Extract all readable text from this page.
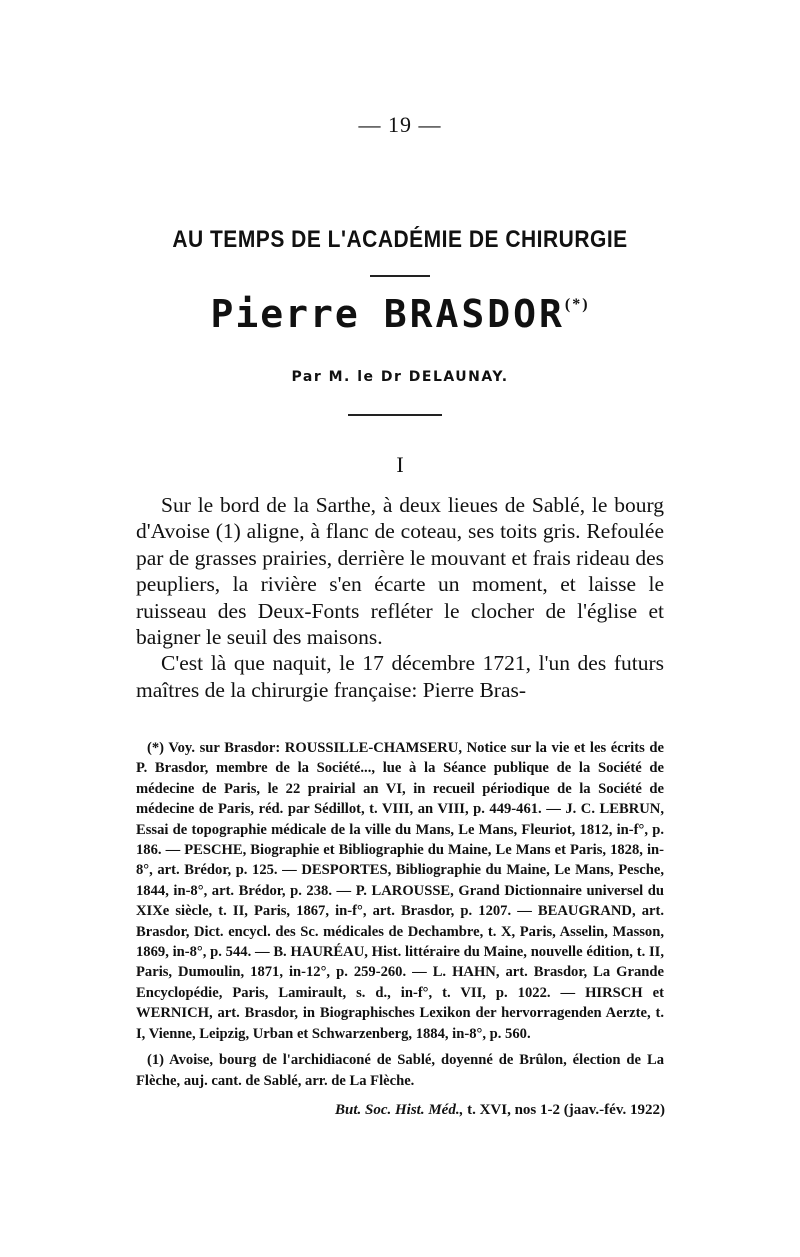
— 19 —
AU TEMPS DE L'ACADÉMIE DE CHIRURGIE
Pierre BRASDOR(*)
Par M. le Dr DELAUNAY.
I

Sur le bord de la Sarthe, à deux lieues de Sablé, le bourg d'Avoise (1) aligne, à flanc de coteau, ses toits gris. Refoulée par de grasses prairies, derrière le mouvant et frais rideau des peupliers, la rivière s'en écarte un moment, et laisse le ruisseau des Deux-Fonts refléter le clocher de l'église et baigner le seuil des maisons.

C'est là que naquit, le 17 décembre 1721, l'un des futurs maîtres de la chirurgie française: Pierre Bras-

(*) Voy. sur Brasdor: ROUSSILLE-CHAMSERU, Notice sur la vie et les écrits de P. Brasdor, membre de la Société..., lue à la Séance publique de la Société de médecine de Paris, le 22 prairial an VI, in recueil périodique de la Société de médecine de Paris, réd. par Sédillot, t. VIII, an VIII, p. 449-461. — J. C. LEBRUN, Essai de topographie médicale de la ville du Mans, Le Mans, Fleuriot, 1812, in-f°, p. 186. — PESCHE, Biographie et Bibliographie du Maine, Le Mans et Paris, 1828, in-8°, art. Brédor, p. 125. — DESPORTES, Bibliographie du Maine, Le Mans, Pesche, 1844, in-8°, art. Brédor, p. 238. — P. LAROUSSE, Grand Dictionnaire universel du XIXe siècle, t. II, Paris, 1867, in-f°, art. Brasdor, p. 1207. — BEAUGRAND, art. Brasdor, Dict. encycl. des Sc. médicales de Dechambre, t. X, Paris, Asselin, Masson, 1869, in-8°, p. 544. — B. HAURÉAU, Hist. littéraire du Maine, nouvelle édition, t. II, Paris, Dumoulin, 1871, in-12°, p. 259-260. — L. HAHN, art. Brasdor, La Grande Encyclopédie, Paris, Lamirault, s. d., in-f°, t. VII, p. 1022. — HIRSCH et WERNICH, art. Brasdor, in Biographisches Lexikon der hervorragenden Aerzte, t. I, Vienne, Leipzig, Urban et Schwarzenberg, 1884, in-8°, p. 560.

(1) Avoise, bourg de l'archidiaconé de Sablé, doyenné de Brûlon, élection de La Flèche, auj. cant. de Sablé, arr. de La Flèche.

But. Soc. Hist. Méd., t. XVI, nos 1-2 (jaav.-fév. 1922)
